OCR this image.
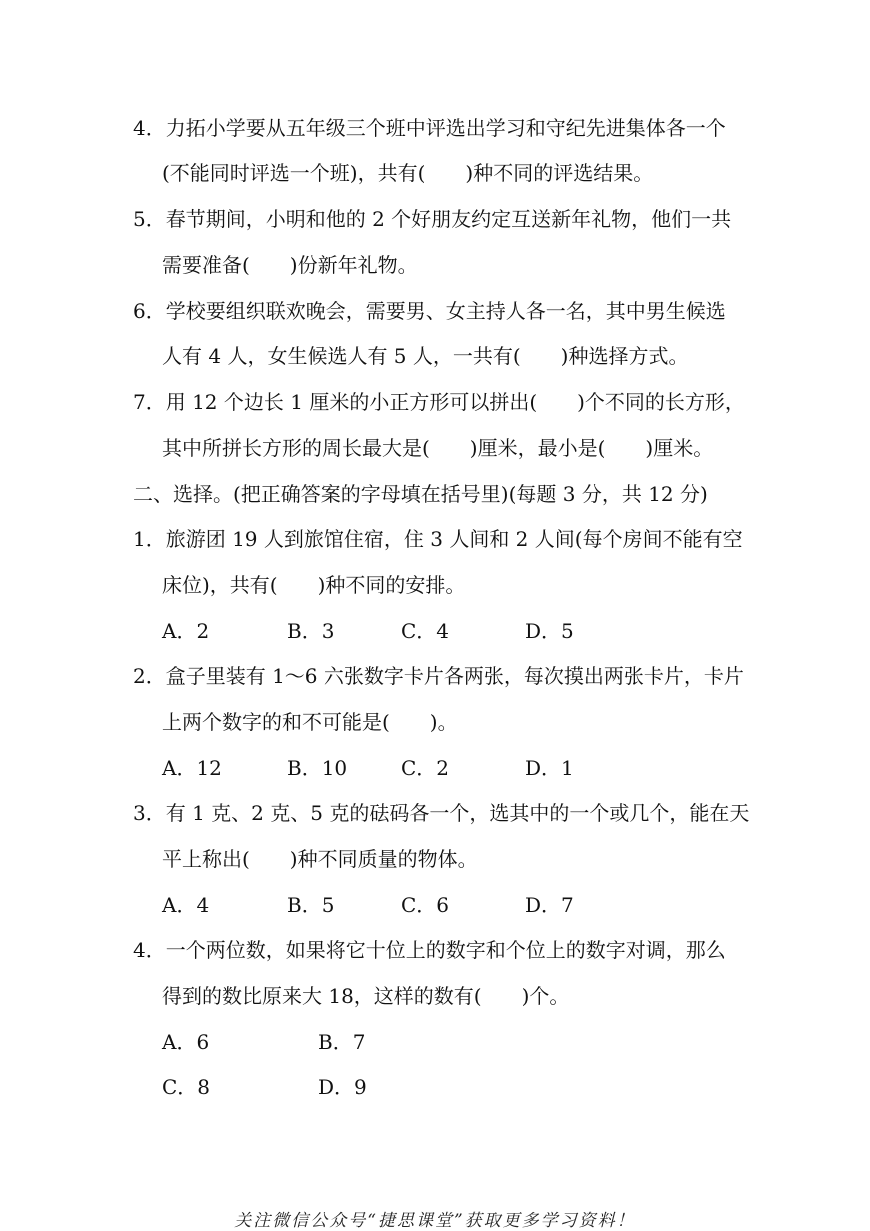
4．力拓小学要从五年级三个班中评选出学习和守纪先进集体各一个
(不能同时评选一个班)，共有(　　)种不同的评选结果。
5．春节期间，小明和他的 2 个好朋友约定互送新年礼物，他们一共
需要准备(　　)份新年礼物。
6．学校要组织联欢晚会，需要男、女主持人各一名，其中男生候选
人有 4 人，女生候选人有 5 人，一共有(　　)种选择方式。
7．用 12 个边长 1 厘米的小正方形可以拼出(　　)个不同的长方形，
其中所拼长方形的周长最大是(　　)厘米，最小是(　　)厘米。
二、选择。(把正确答案的字母填在括号里)(每题 3 分，共 12 分)
1．旅游团 19 人到旅馆住宿，住 3 人间和 2 人间(每个房间不能有空
床位)，共有(　　)种不同的安排。
A．2	B．3	C．4	D．5
2．盒子里装有 1～6 六张数字卡片各两张，每次摸出两张卡片，卡片
上两个数字的和不可能是(　　)。
A．12	B．10	C．2	D．1
3．有 1 克、2 克、5 克的砝码各一个，选其中的一个或几个，能在天
平上称出(　　)种不同质量的物体。
A．4	B．5	C．6	D．7
4．一个两位数，如果将它十位上的数字和个位上的数字对调，那么
得到的数比原来大 18，这样的数有(　　)个。
A．6	B．7
C．8	D．9
关注微信公众号“捷思课堂”获取更多学习资料！
